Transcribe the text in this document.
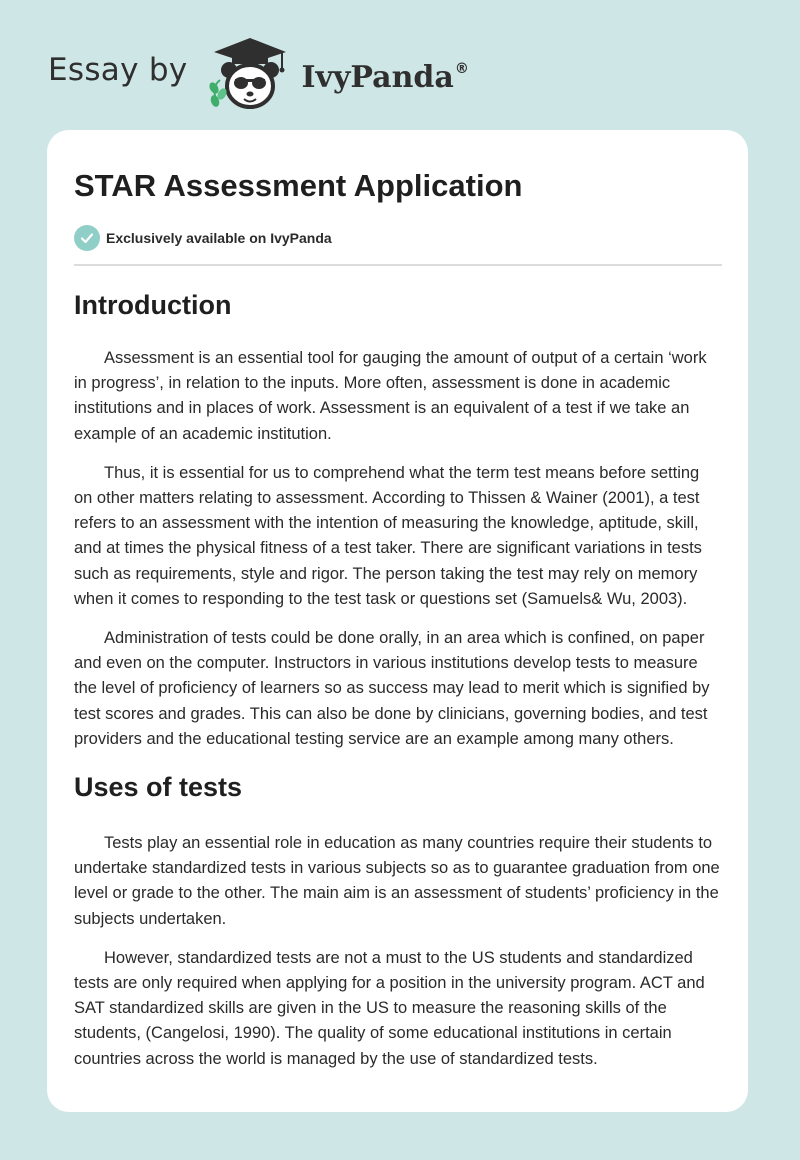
Essay by	IvyPanda®
STAR Assessment Application
Exclusively available on IvyPanda
Introduction

Assessment is an essential tool for gauging the amount of output of a certain ‘work in progress’, in relation to the inputs. More often, assessment is done in academic institutions and in places of work. Assessment is an equivalent of a test if we take an example of an academic institution.

Thus, it is essential for us to comprehend what the term test means before setting on other matters relating to assessment. According to Thissen & Wainer (2001), a test refers to an assessment with the intention of measuring the knowledge, aptitude, skill, and at times the physical fitness of a test taker. There are significant variations in tests such as requirements, style and rigor. The person taking the test may rely on memory when it comes to responding to the test task or questions set (Samuels& Wu, 2003).

Administration of tests could be done orally, in an area which is confined, on paper and even on the computer. Instructors in various institutions develop tests to measure the level of proficiency of learners so as success may lead to merit which is signified by test scores and grades. This can also be done by clinicians, governing bodies, and test providers and the educational testing service are an example among many others.

Uses of tests

Tests play an essential role in education as many countries require their students to undertake standardized tests in various subjects so as to guarantee graduation from one level or grade to the other. The main aim is an assessment of students’ proficiency in the subjects undertaken.

However, standardized tests are not a must to the US students and standardized tests are only required when applying for a position in the university program. ACT and SAT standardized skills are given in the US to measure the reasoning skills of the students, (Cangelosi, 1990). The quality of some educational institutions in certain countries across the world is managed by the use of standardized tests.
